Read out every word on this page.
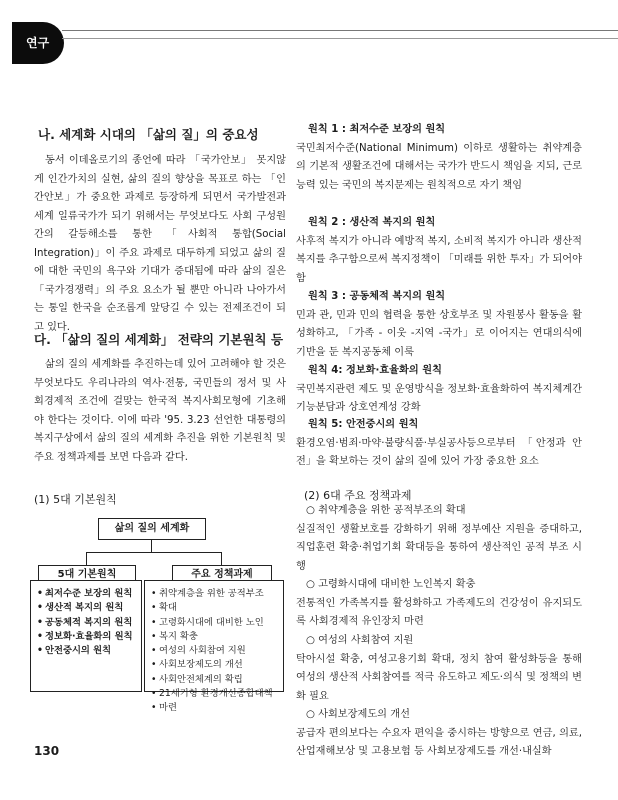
연구
나. 세계화 시대의 「삶의 질」의 중요성

동서 이데올로기의 종언에 따라 「국가안보」 못지않게 인간가치의 실현, 삶의 질의 향상을 목표로 하는 「인간안보」가 중요한 과제로 등장하게 되면서 국가발전과 세계 일류국가가 되기 위해서는 무엇보다도 사회 구성원간의 갈등해소를 통한 「사회적 통합(Social Integration)」이 주요 과제로 대두하게 되었고 삶의 질에 대한 국민의 욕구와 기대가 증대됨에 따라 삶의 질은 「국가경쟁력」의 주요 요소가 될 뿐만 아니라 나아가서는 통일 한국을 순조롭게 앞당길 수 있는 전제조건이 되고 있다.

다. 「삶의 질의 세계화」 전략의 기본원칙 등

삶의 질의 세계화를 추진하는데 있어 고려해야 할 것은 무엇보다도 우리나라의 역사·전통, 국민들의 정서 및 사회경제적 조건에 걸맞는 한국적 복지사회모형에 기초해야 한다는 것이다. 이에 따라 '95. 3.23 선언한 대통령의 복지구상에서 삶의 질의 세계화 추진을 위한 기본원칙 및 주요 정책과제를 보면 다음과 같다.

(1) 5대 기본원칙
삶의 질의 세계화
5대 기본원칙	주요 정책과제
• 최저수준 보장의 원칙
• 생산적 복지의 원칙
• 공동체적 복지의 원칙
• 정보화·효율화의 원칙
• 안전중시의 원칙
• 취약계층을 위한 공적부조
• 확대
• 고령화시대에 대비한 노인
• 복지 확충
• 여성의 사회참여 지원
• 사회보장제도의 개선
• 사회안전체계의 확립
• 21세기형 환경개선종합대책
• 마련
원칙 1 : 최저수준 보장의 원칙
국민최저수준(National Minimum) 이하로 생활하는 취약계층의 기본적 생활조건에 대해서는 국가가 반드시 책임을 지되, 근로능력 있는 국민의 복지문제는 원칙적으로 자기 책임
원칙 2 : 생산적 복지의 원칙
사후적 복지가 아니라 예방적 복지, 소비적 복지가 아니라 생산적 복지를 추구함으로써 복지정책이 「미래를 위한 투자」가 되어야 함
원칙 3 : 공동체적 복지의 원칙
민과 관, 민과 민의 협력을 통한 상호부조 및 자원봉사 활동을 활성화하고, 「가족 - 이웃 -지역 -국가」로 이어지는 연대의식에 기반을 둔 복지공동체 이룩
원칙 4: 정보화·효율화의 원칙
국민복지관련 제도 및 운영방식을 정보화·효율화하여 복지체계간 기능분담과 상호연계성 강화
원칙 5: 안전중시의 원칙
환경오염·범죄·마약·불량식품·부실공사등으로부터 「안정과 안전」을 확보하는 것이 삶의 질에 있어 가장 중요한 요소
(2) 6대 주요 정책과제
○ 취약계층을 위한 공적부조의 확대
실질적인 생활보호를 강화하기 위해 정부예산 지원을 증대하고, 직업훈련 확충·취업기회 확대등을 통하여 생산적인 공적 부조 시행
○ 고령화시대에 대비한 노인복지 확충
전통적인 가족복지를 활성화하고 가족제도의 건강성이 유지되도록 사회경제적 유인장치 마련
○ 여성의 사회참여 지원
탁아시설 확충, 여성고용기회 확대, 정치 참여 활성화등을 통해 여성의 생산적 사회참여를 적극 유도하고 제도·의식 및 정책의 변화 필요
○ 사회보장제도의 개선
공급자 편의보다는 수요자 편익을 중시하는 방향으로 연금, 의료, 산업재해보상 및 고용보험 등 사회보장제도를 개선·내실화
130
